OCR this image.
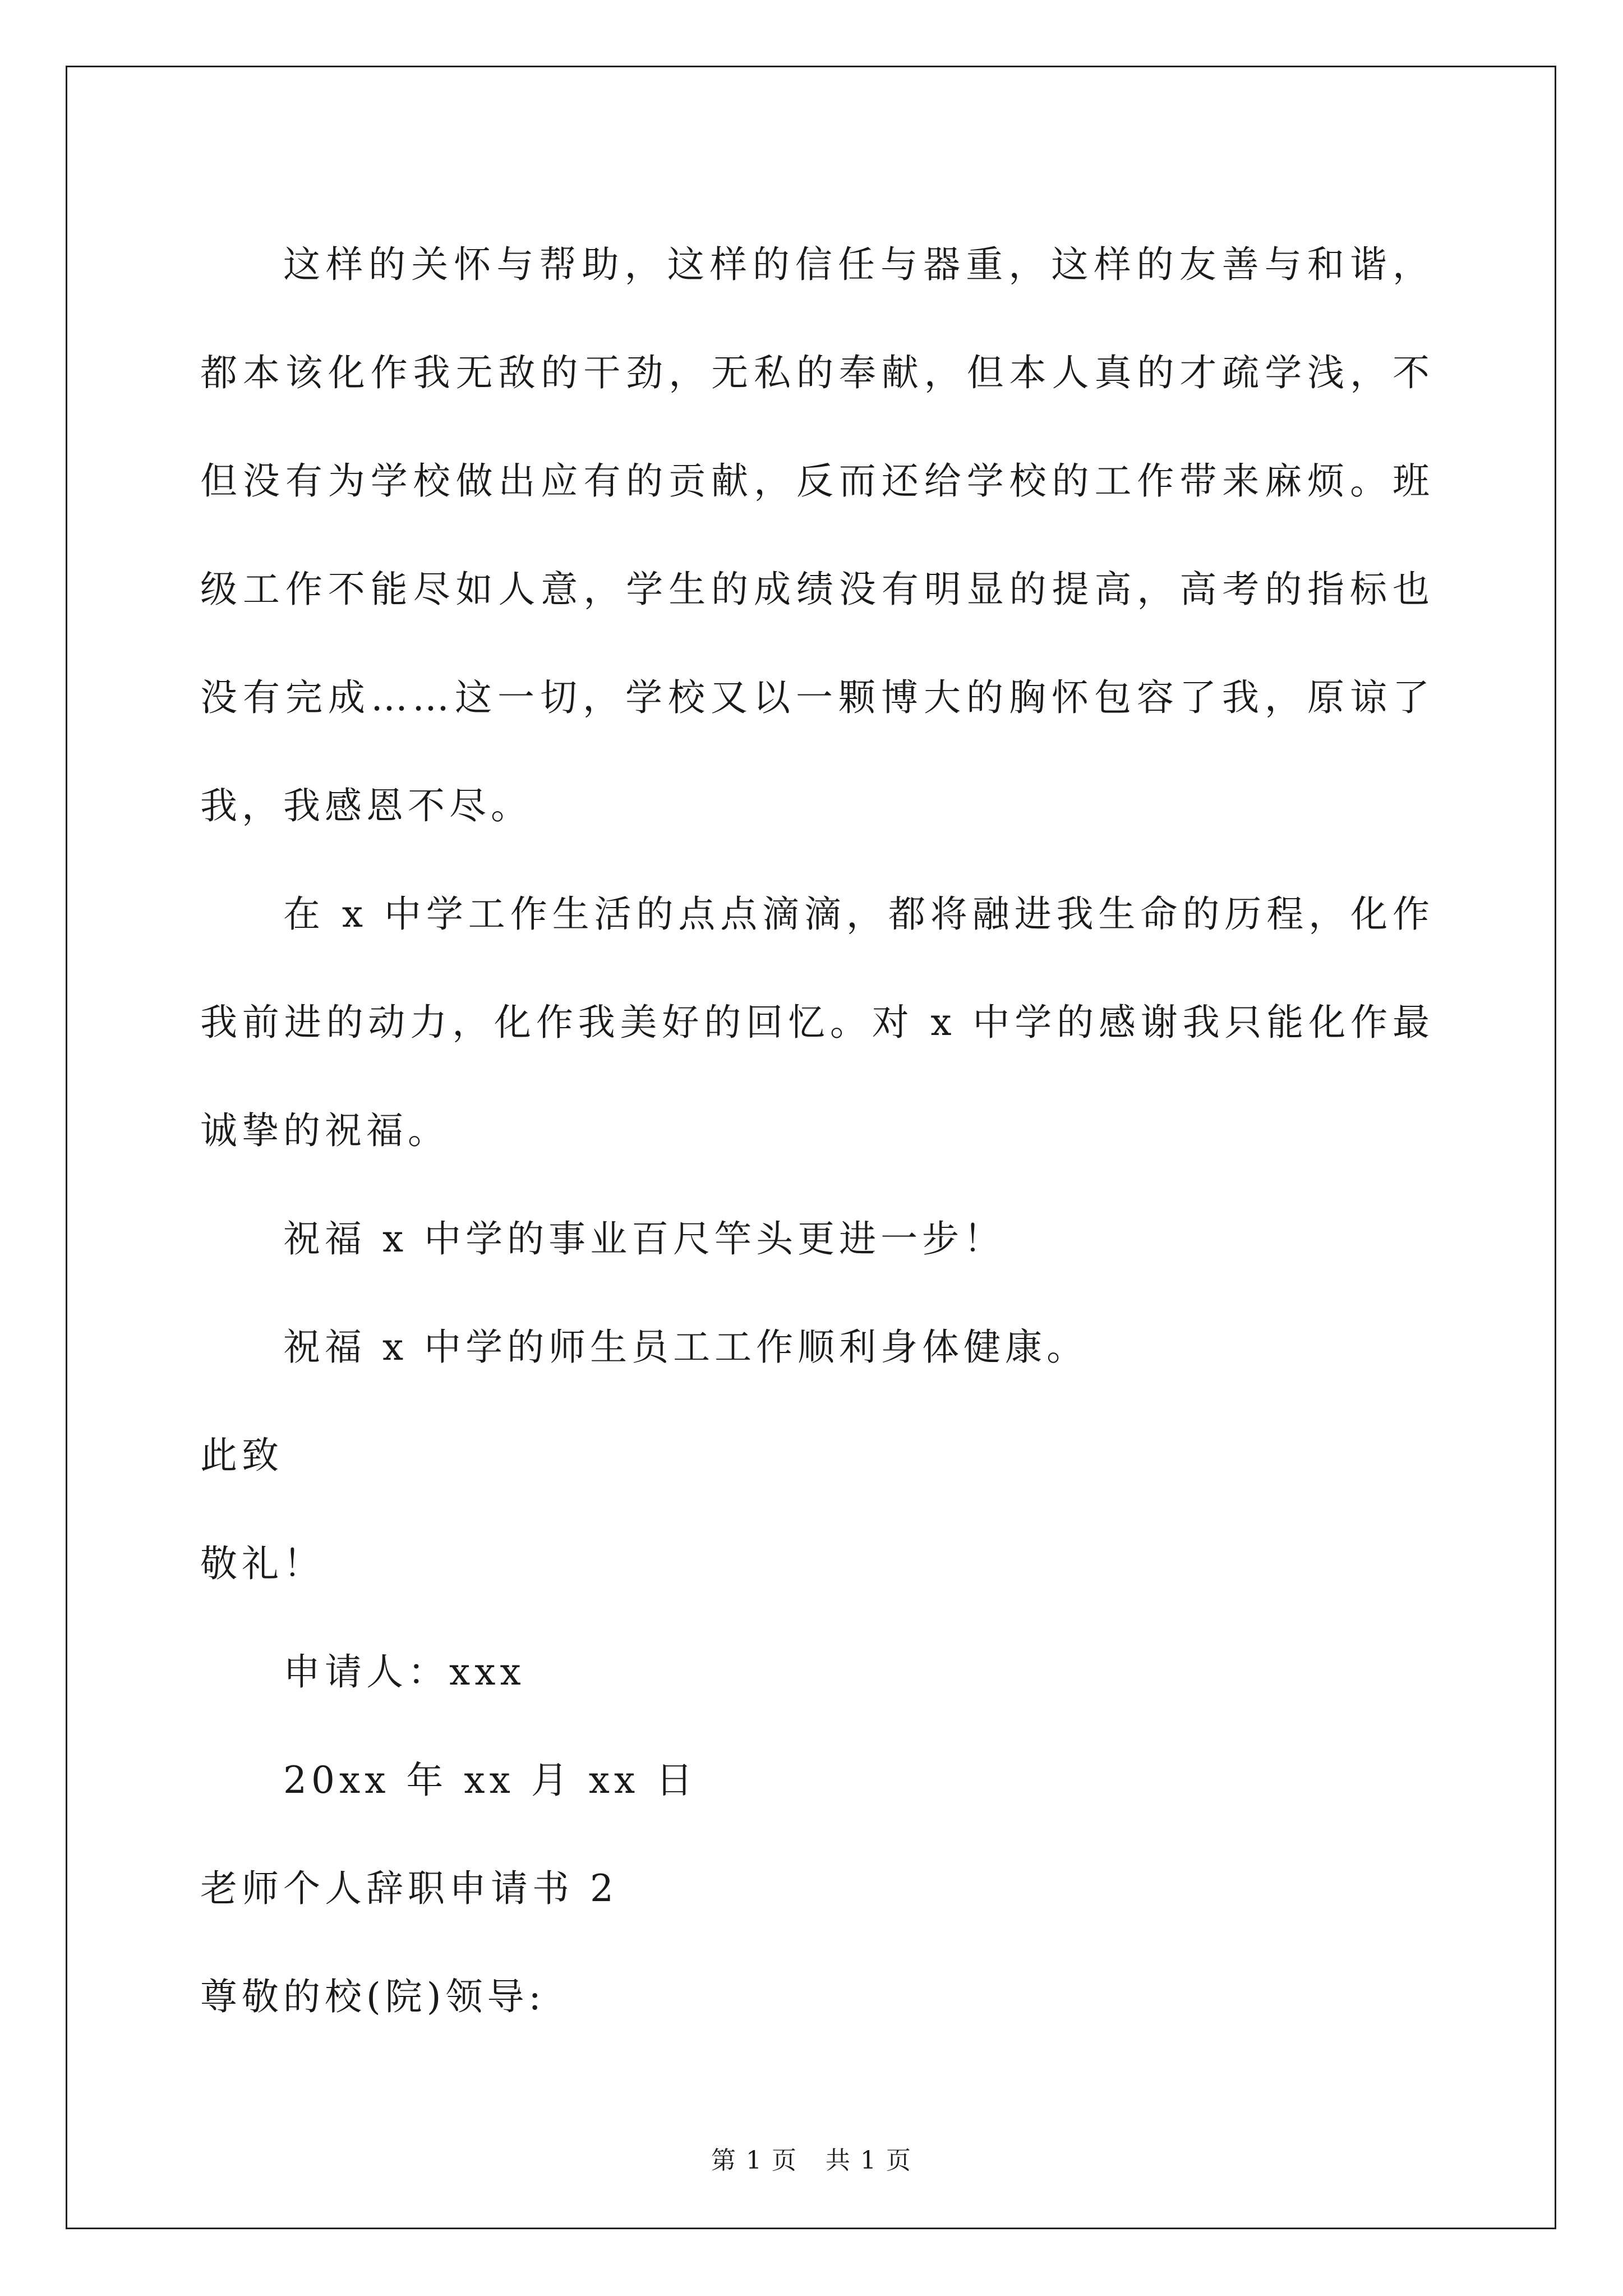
这样的关怀与帮助，这样的信任与器重，这样的友善与和谐，都本该化作我无敌的干劲，无私的奉献，但本人真的才疏学浅，不但没有为学校做出应有的贡献，反而还给学校的工作带来麻烦。班级工作不能尽如人意，学生的成绩没有明显的提高，高考的指标也没有完成……这一切，学校又以一颗博大的胸怀包容了我，原谅了我，我感恩不尽。

在 x 中学工作生活的点点滴滴，都将融进我生命的历程，化作我前进的动力，化作我美好的回忆。对 x 中学的感谢我只能化作最诚挚的祝福。

祝福 x 中学的事业百尺竿头更进一步！

祝福 x 中学的师生员工工作顺利身体健康。

此致

敬礼！

申请人：xxx

20xx 年 xx 月 xx 日

老师个人辞职申请书 2

尊敬的校(院)领导:

第 1 页 共 1 页
